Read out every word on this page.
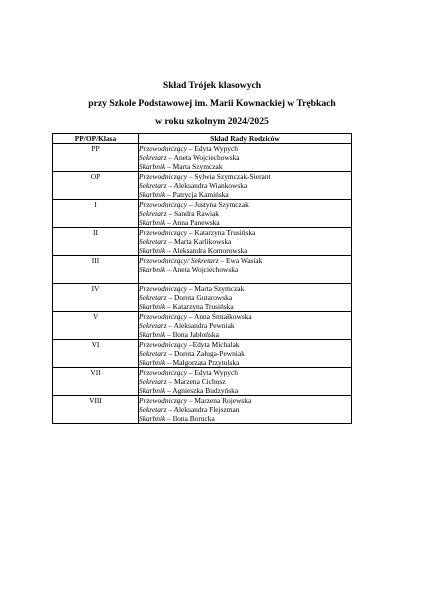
Skład Trójek klasowych
przy Szkole Podstawowej im. Marii Kownackiej w Trębkach
w roku szkolnym 2024/2025
PP/OP/Klasa	Skład Rady Rodziców
PP	Przewodniczący – Edyta Wypych
Sekretarz – Aneta Wojciechowska
Skarbnik – Marta Szymczak

OP	Przewodniczący – Sylwia Szymczak-Sierant
Sekretarz – Aleksandra Wiankowska
Skarbnik – Patrycja Kamińska

I	Przewodniczący – Justyna Szymczak
Sekretarz – Sandra Rawiak
Skarbnik – Anna Panewska

II	Przewodniczący – Katarzyna Trusińska
Sekretarz – Marta Karlikowska
Skarbnik – Aleksandra Komorowska

III	Przewodniczący/ Sekretarz – Ewa Wasiak
Skarbnik – Aneta Wojciechowska

IV	Przewodniczący – Marta Szymczak
Sekretarz – Dorota Gutarowska
Skarbnik – Katarzyna Trusińska

V	Przewodniczący – Anna Śmiałkowska
Sekretarz – Aleksandra Pewniak
Skarbnik – Ilona Jabłońska

VI	Przewodniczący –Edyta Michalak
Sekretarz – Dorota Załuga-Pewniak
Skarbnik – Małgorzata Przytulska

VII	Przewodniczący – Edyta Wypych
Sekretarz – Marzena Cichosz
Skarbnik – Agnieszka Budzyńska

VIII	Przewodniczący – Marzena Rojewska
Sekretarz – Aleksandra Flejszman
Skarbnik – Ilona Borucka
